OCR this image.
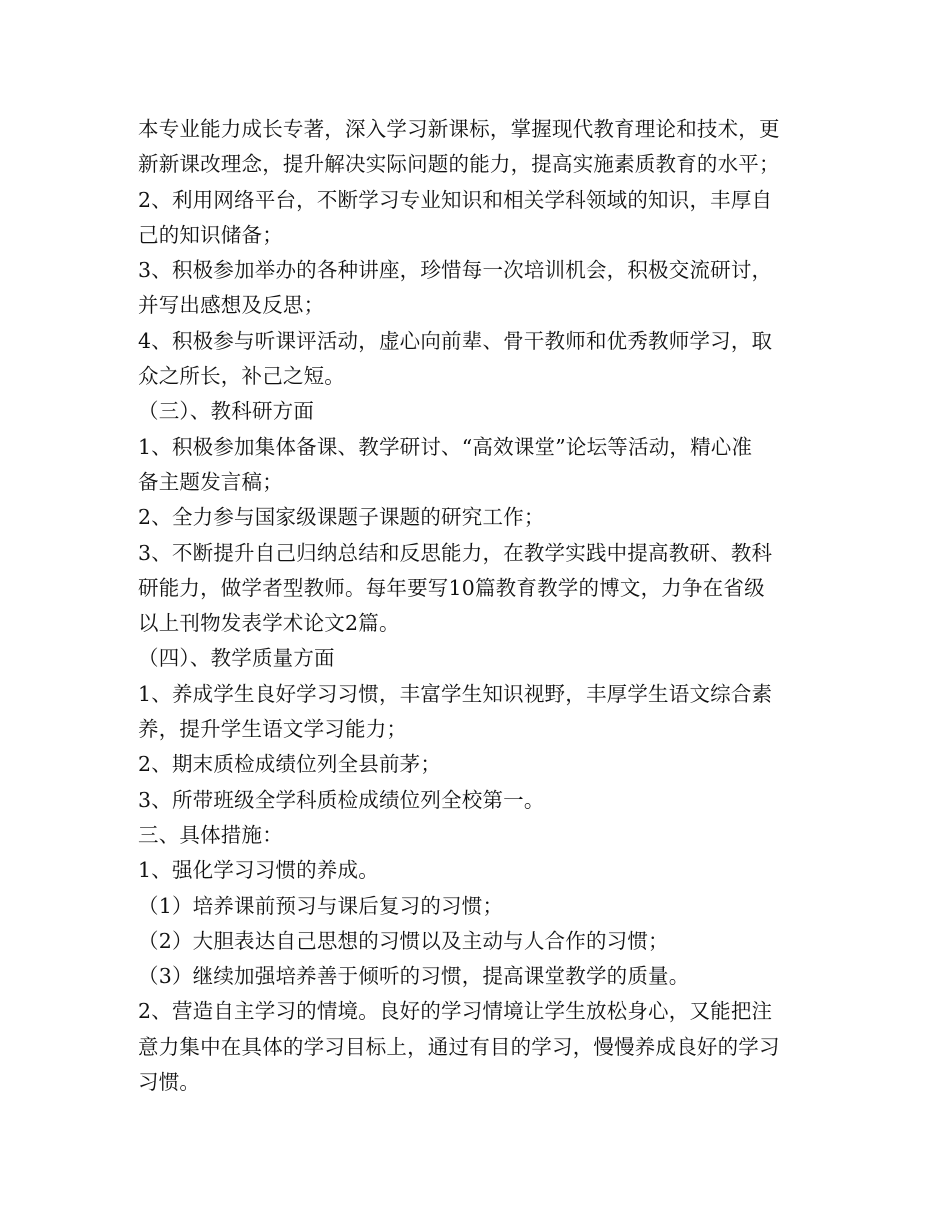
本专业能力成长专著，深入学习新课标，掌握现代教育理论和技术，更
新新课改理念，提升解决实际问题的能力，提高实施素质教育的水平；
2、利用网络平台，不断学习专业知识和相关学科领域的知识，丰厚自
己的知识储备；
3、积极参加举办的各种讲座，珍惜每一次培训机会，积极交流研讨，
并写出感想及反思；
4、积极参与听课评活动，虚心向前辈、骨干教师和优秀教师学习，取
众之所长，补己之短。
（三）、教科研方面
1、积极参加集体备课、教学研讨、“高效课堂”论坛等活动，精心准
备主题发言稿；
2、全力参与国家级课题子课题的研究工作；
3、不断提升自己归纳总结和反思能力，在教学实践中提高教研、教科
研能力，做学者型教师。每年要写10篇教育教学的博文，力争在省级
以上刊物发表学术论文2篇。
（四）、教学质量方面
1、养成学生良好学习习惯，丰富学生知识视野，丰厚学生语文综合素
养，提升学生语文学习能力；
2、期末质检成绩位列全县前茅；
3、所带班级全学科质检成绩位列全校第一。
三、具体措施：
1、强化学习习惯的养成。
（1）培养课前预习与课后复习的习惯；
（2）大胆表达自己思想的习惯以及主动与人合作的习惯；
（3）继续加强培养善于倾听的习惯，提高课堂教学的质量。
2、营造自主学习的情境。良好的学习情境让学生放松身心，又能把注
意力集中在具体的学习目标上，通过有目的学习，慢慢养成良好的学习
习惯。
